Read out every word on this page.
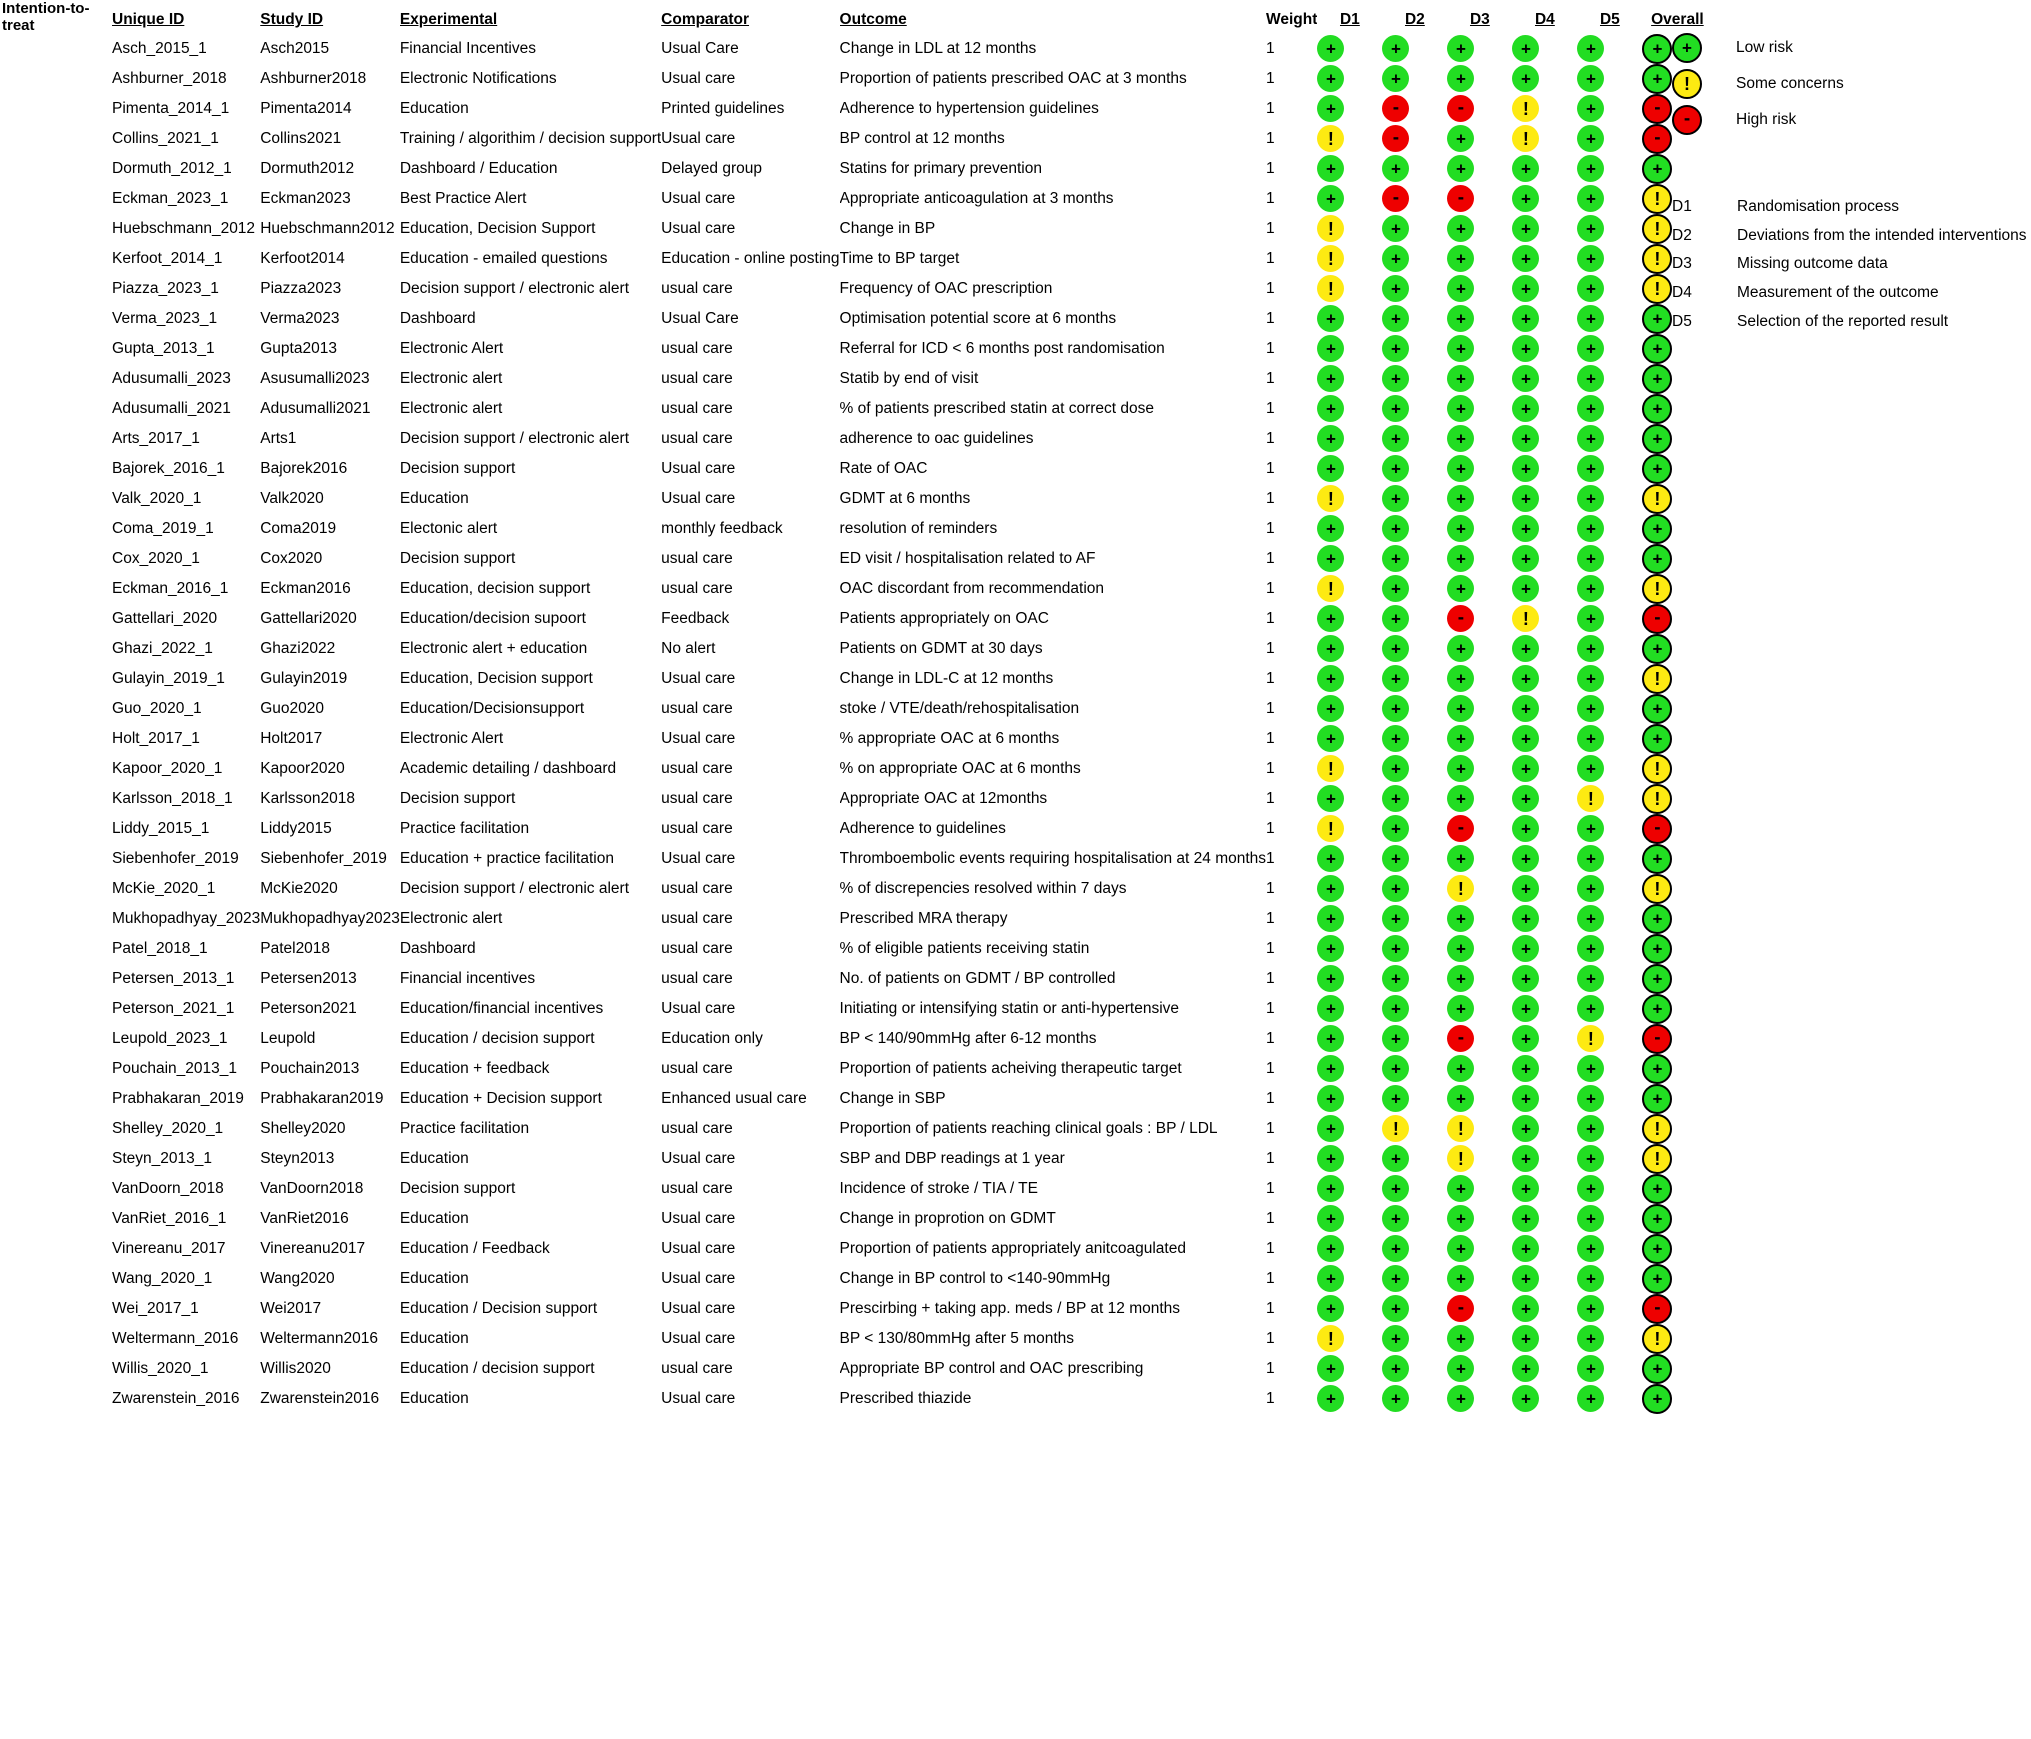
Intention-to-treat	Unique ID	Study ID	Experimental	Comparator	Outcome	Weight	D1	D2	D3	D4	D5	Overall

Asch_2015_1	Asch2015	Financial Incentives	Usual Care	Change in LDL at 12 months	1	+	+	+	+	+	+

Ashburner_2018	Ashburner2018	Electronic Notifications	Usual care	Proportion of patients prescribed OAC at 3 months	1	+	+	+	+	+	+

Pimenta_2014_1	Pimenta2014	Education	Printed guidelines	Adherence to hypertension guidelines	1	+	-	-	!	+	-

Collins_2021_1	Collins2021	Training / algorithim / decision support	Usual care	BP control at 12 months	1	!	-	+	!	+	-

Dormuth_2012_1	Dormuth2012	Dashboard / Education	Delayed group	Statins for primary prevention	1	+	+	+	+	+	+

Eckman_2023_1	Eckman2023	Best Practice Alert	Usual care	Appropriate anticoagulation at 3 months	1	+	-	-	+	+	!

Huebschmann_2012	Huebschmann2012	Education, Decision Support	Usual care	Change in BP	1	!	+	+	+	+	!

Kerfoot_2014_1	Kerfoot2014	Education - emailed questions	Education - online posting	Time to BP target	1	!	+	+	+	+	!

Piazza_2023_1	Piazza2023	Decision support / electronic alert	usual care	Frequency of OAC prescription	1	!	+	+	+	+	!

Verma_2023_1	Verma2023	Dashboard	Usual Care	Optimisation potential score at 6 months	1	+	+	+	+	+	+

Gupta_2013_1	Gupta2013	Electronic Alert	usual care	Referral for ICD < 6 months post randomisation	1	+	+	+	+	+	+

Adusumalli_2023	Asusumalli2023	Electronic alert	usual care	Statib by end of visit	1	+	+	+	+	+	+

Adusumalli_2021	Adusumalli2021	Electronic alert	usual care	% of patients prescribed statin at correct dose	1	+	+	+	+	+	+

Arts_2017_1	Arts1	Decision support / electronic alert	usual care	adherence to oac guidelines	1	+	+	+	+	+	+

Bajorek_2016_1	Bajorek2016	Decision support	Usual care	Rate of OAC	1	+	+	+	+	+	+

Valk_2020_1	Valk2020	Education	Usual care	GDMT at 6 months	1	!	+	+	+	+	!

Coma_2019_1	Coma2019	Electonic alert	monthly feedback	resolution of reminders	1	+	+	+	+	+	+

Cox_2020_1	Cox2020	Decision support	usual care	ED visit / hospitalisation related to AF	1	+	+	+	+	+	+

Eckman_2016_1	Eckman2016	Education, decision support	usual care	OAC discordant from recommendation	1	!	+	+	+	+	!

Gattellari_2020	Gattellari2020	Education/decision supoort	Feedback	Patients appropriately on OAC	1	+	+	-	!	+	-

Ghazi_2022_1	Ghazi2022	Electronic alert + education	No alert	Patients on GDMT at 30 days	1	+	+	+	+	+	+

Gulayin_2019_1	Gulayin2019	Education, Decision support	Usual care	Change in LDL-C at 12 months	1	+	+	+	+	+	!

Guo_2020_1	Guo2020	Education/Decisionsupport	usual care	stoke / VTE/death/rehospitalisation	1	+	+	+	+	+	+

Holt_2017_1	Holt2017	Electronic Alert	Usual care	% appropriate OAC at 6 months	1	+	+	+	+	+	+

Kapoor_2020_1	Kapoor2020	Academic detailing / dashboard	usual care	% on appropriate OAC at 6 months	1	!	+	+	+	+	!

Karlsson_2018_1	Karlsson2018	Decision support	usual care	Appropriate OAC at 12months	1	+	+	+	+	!	!

Liddy_2015_1	Liddy2015	Practice facilitation	usual care	Adherence to guidelines	1	!	+	-	+	+	-

Siebenhofer_2019	Siebenhofer_2019	Education + practice facilitation	Usual care	Thromboembolic events requiring hospitalisation at 24 months	1	+	+	+	+	+	+

McKie_2020_1	McKie2020	Decision support / electronic alert	usual care	% of discrepencies resolved within 7 days	1	+	+	!	+	+	!

Mukhopadhyay_2023	Mukhopadhyay2023	Electronic alert	usual care	Prescribed MRA therapy	1	+	+	+	+	+	+

Patel_2018_1	Patel2018	Dashboard	usual care	% of eligible patients receiving statin	1	+	+	+	+	+	+

Petersen_2013_1	Petersen2013	Financial incentives	usual care	No. of patients on GDMT / BP controlled	1	+	+	+	+	+	+

Peterson_2021_1	Peterson2021	Education/financial incentives	Usual care	Initiating or intensifying statin or anti-hypertensive	1	+	+	+	+	+	+

Leupold_2023_1	Leupold	Education / decision support	Education only	BP < 140/90mmHg after 6-12 months	1	+	+	-	+	!	-

Pouchain_2013_1	Pouchain2013	Education + feedback	usual care	Proportion of patients acheiving therapeutic target	1	+	+	+	+	+	+

Prabhakaran_2019	Prabhakaran2019	Education + Decision support	Enhanced usual care	Change in SBP	1	+	+	+	+	+	+

Shelley_2020_1	Shelley2020	Practice facilitation	usual care	Proportion of patients reaching clinical goals : BP / LDL	1	+	!	!	+	+	!

Steyn_2013_1	Steyn2013	Education	Usual care	SBP and DBP readings at 1 year	1	+	+	!	+	+	!

VanDoorn_2018	VanDoorn2018	Decision support	usual care	Incidence of stroke / TIA / TE	1	+	+	+	+	+	+

VanRiet_2016_1	VanRiet2016	Education	Usual care	Change in proprotion on GDMT	1	+	+	+	+	+	+

Vinereanu_2017	Vinereanu2017	Education / Feedback	Usual care	Proportion of patients appropriately anitcoagulated	1	+	+	+	+	+	+

Wang_2020_1	Wang2020	Education	Usual care	Change in BP control to <140-90mmHg	1	+	+	+	+	+	+

Wei_2017_1	Wei2017	Education / Decision support	Usual care	Prescirbing + taking app. meds / BP at 12 months	1	+	+	-	+	+	-

Weltermann_2016	Weltermann2016	Education	Usual care	BP < 130/80mmHg after 5 months	1	!	+	+	+	+	!

Willis_2020_1	Willis2020	Education / decision support	usual care	Appropriate BP control and OAC prescribing	1	+	+	+	+	+	+

Zwarenstein_2016	Zwarenstein2016	Education	Usual care	Prescribed thiazide	1	+	+	+	+	+	+
+	Low risk
!	Some concerns
-	High risk
D1	Randomisation process
D2	Deviations from the intended interventions
D3	Missing outcome data
D4	Measurement of the outcome
D5	Selection of the reported result
